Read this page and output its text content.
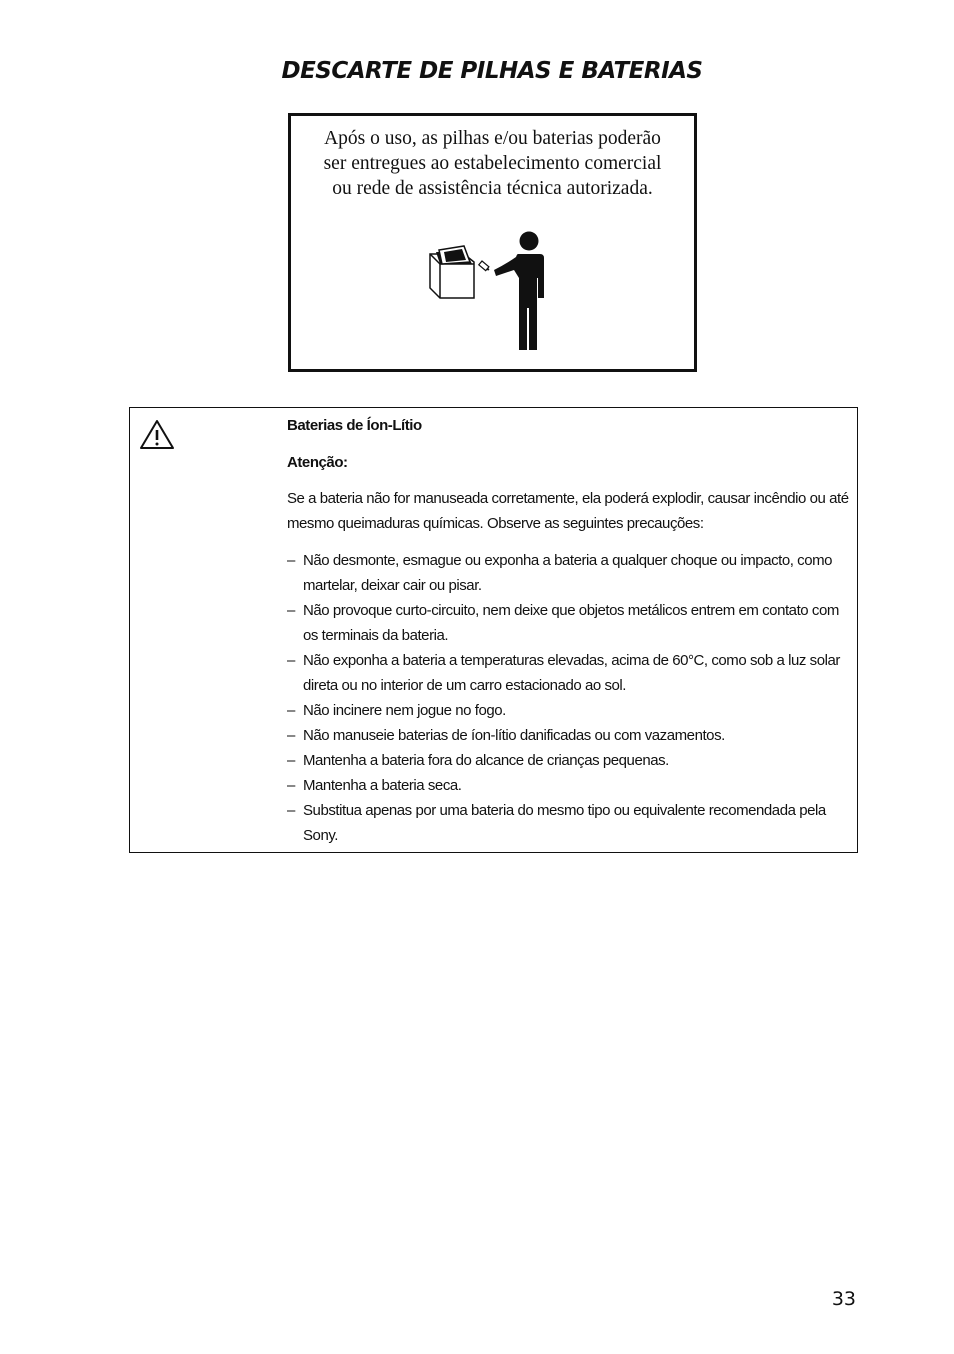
DESCARTE DE PILHAS E BATERIAS

Após o uso, as pilhas e/ou baterias poderão
ser entregues ao estabelecimento comercial
ou rede de assistência técnica autorizada.

Baterias de Íon-Lítio

Atenção:

Se a bateria não for manuseada corretamente, ela poderá explodir, causar incêndio ou até mesmo queimaduras químicas. Observe as seguintes precauções:

– Não desmonte, esmague ou exponha a bateria a qualquer choque ou impacto, como martelar, deixar cair ou pisar.
– Não provoque curto-circuito, nem deixe que objetos metálicos entrem em contato com os terminais da bateria.
– Não exponha a bateria a temperaturas elevadas, acima de 60°C, como sob a luz solar direta ou no interior de um carro estacionado ao sol.
– Não incinere nem jogue no fogo.
– Não manuseie baterias de íon-lítio danificadas ou com vazamentos.
– Mantenha a bateria fora do alcance de crianças pequenas.
– Mantenha a bateria seca.
– Substitua apenas por uma bateria do mesmo tipo ou equivalente recomendada pela Sony.
33
